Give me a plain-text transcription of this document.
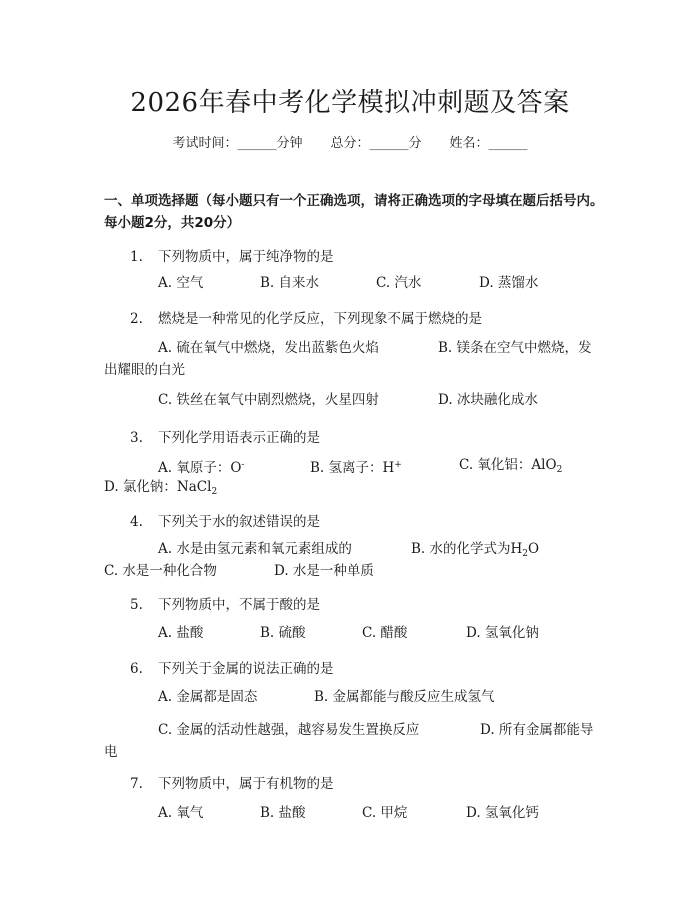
2026年春中考化学模拟冲刺题及答案
考试时间：______分钟 总分：______分 姓名：______
一、单项选择题（每小题只有一个正确选项，请将正确选项的字母填在题后括号内。每小题2分，共20分）
1. 下列物质中，属于纯净物的是
A. 空气	B. 自来水	C. 汽水	D. 蒸馏水
2. 燃烧是一种常见的化学反应，下列现象不属于燃烧的是
A. 硫在氧气中燃烧，发出蓝紫色火焰	B. 镁条在空气中燃烧，发
出耀眼的白光
C. 铁丝在氧气中剧烈燃烧，火星四射	D. 冰块融化成水
3. 下列化学用语表示正确的是
A. 氧原子：O-	B. 氢离子：H+	C. 氧化铝：AlO$_2$
D. 氯化钠：NaCl$_2$
4. 下列关于水的叙述错误的是
A. 水是由氢元素和氧元素组成的	B. 水的化学式为$H_2O$
C. 水是一种化合物	D. 水是一种单质
5. 下列物质中，不属于酸的是
A. 盐酸	B. 硫酸	C. 醋酸	D. 氢氧化钠
6. 下列关于金属的说法正确的是
A. 金属都是固态	B. 金属都能与酸反应生成氢气
C. 金属的活动性越强，越容易发生置换反应	D. 所有金属都能导
电
7. 下列物质中，属于有机物的是
A. 氧气	B. 盐酸	C. 甲烷	D. 氢氧化钙
